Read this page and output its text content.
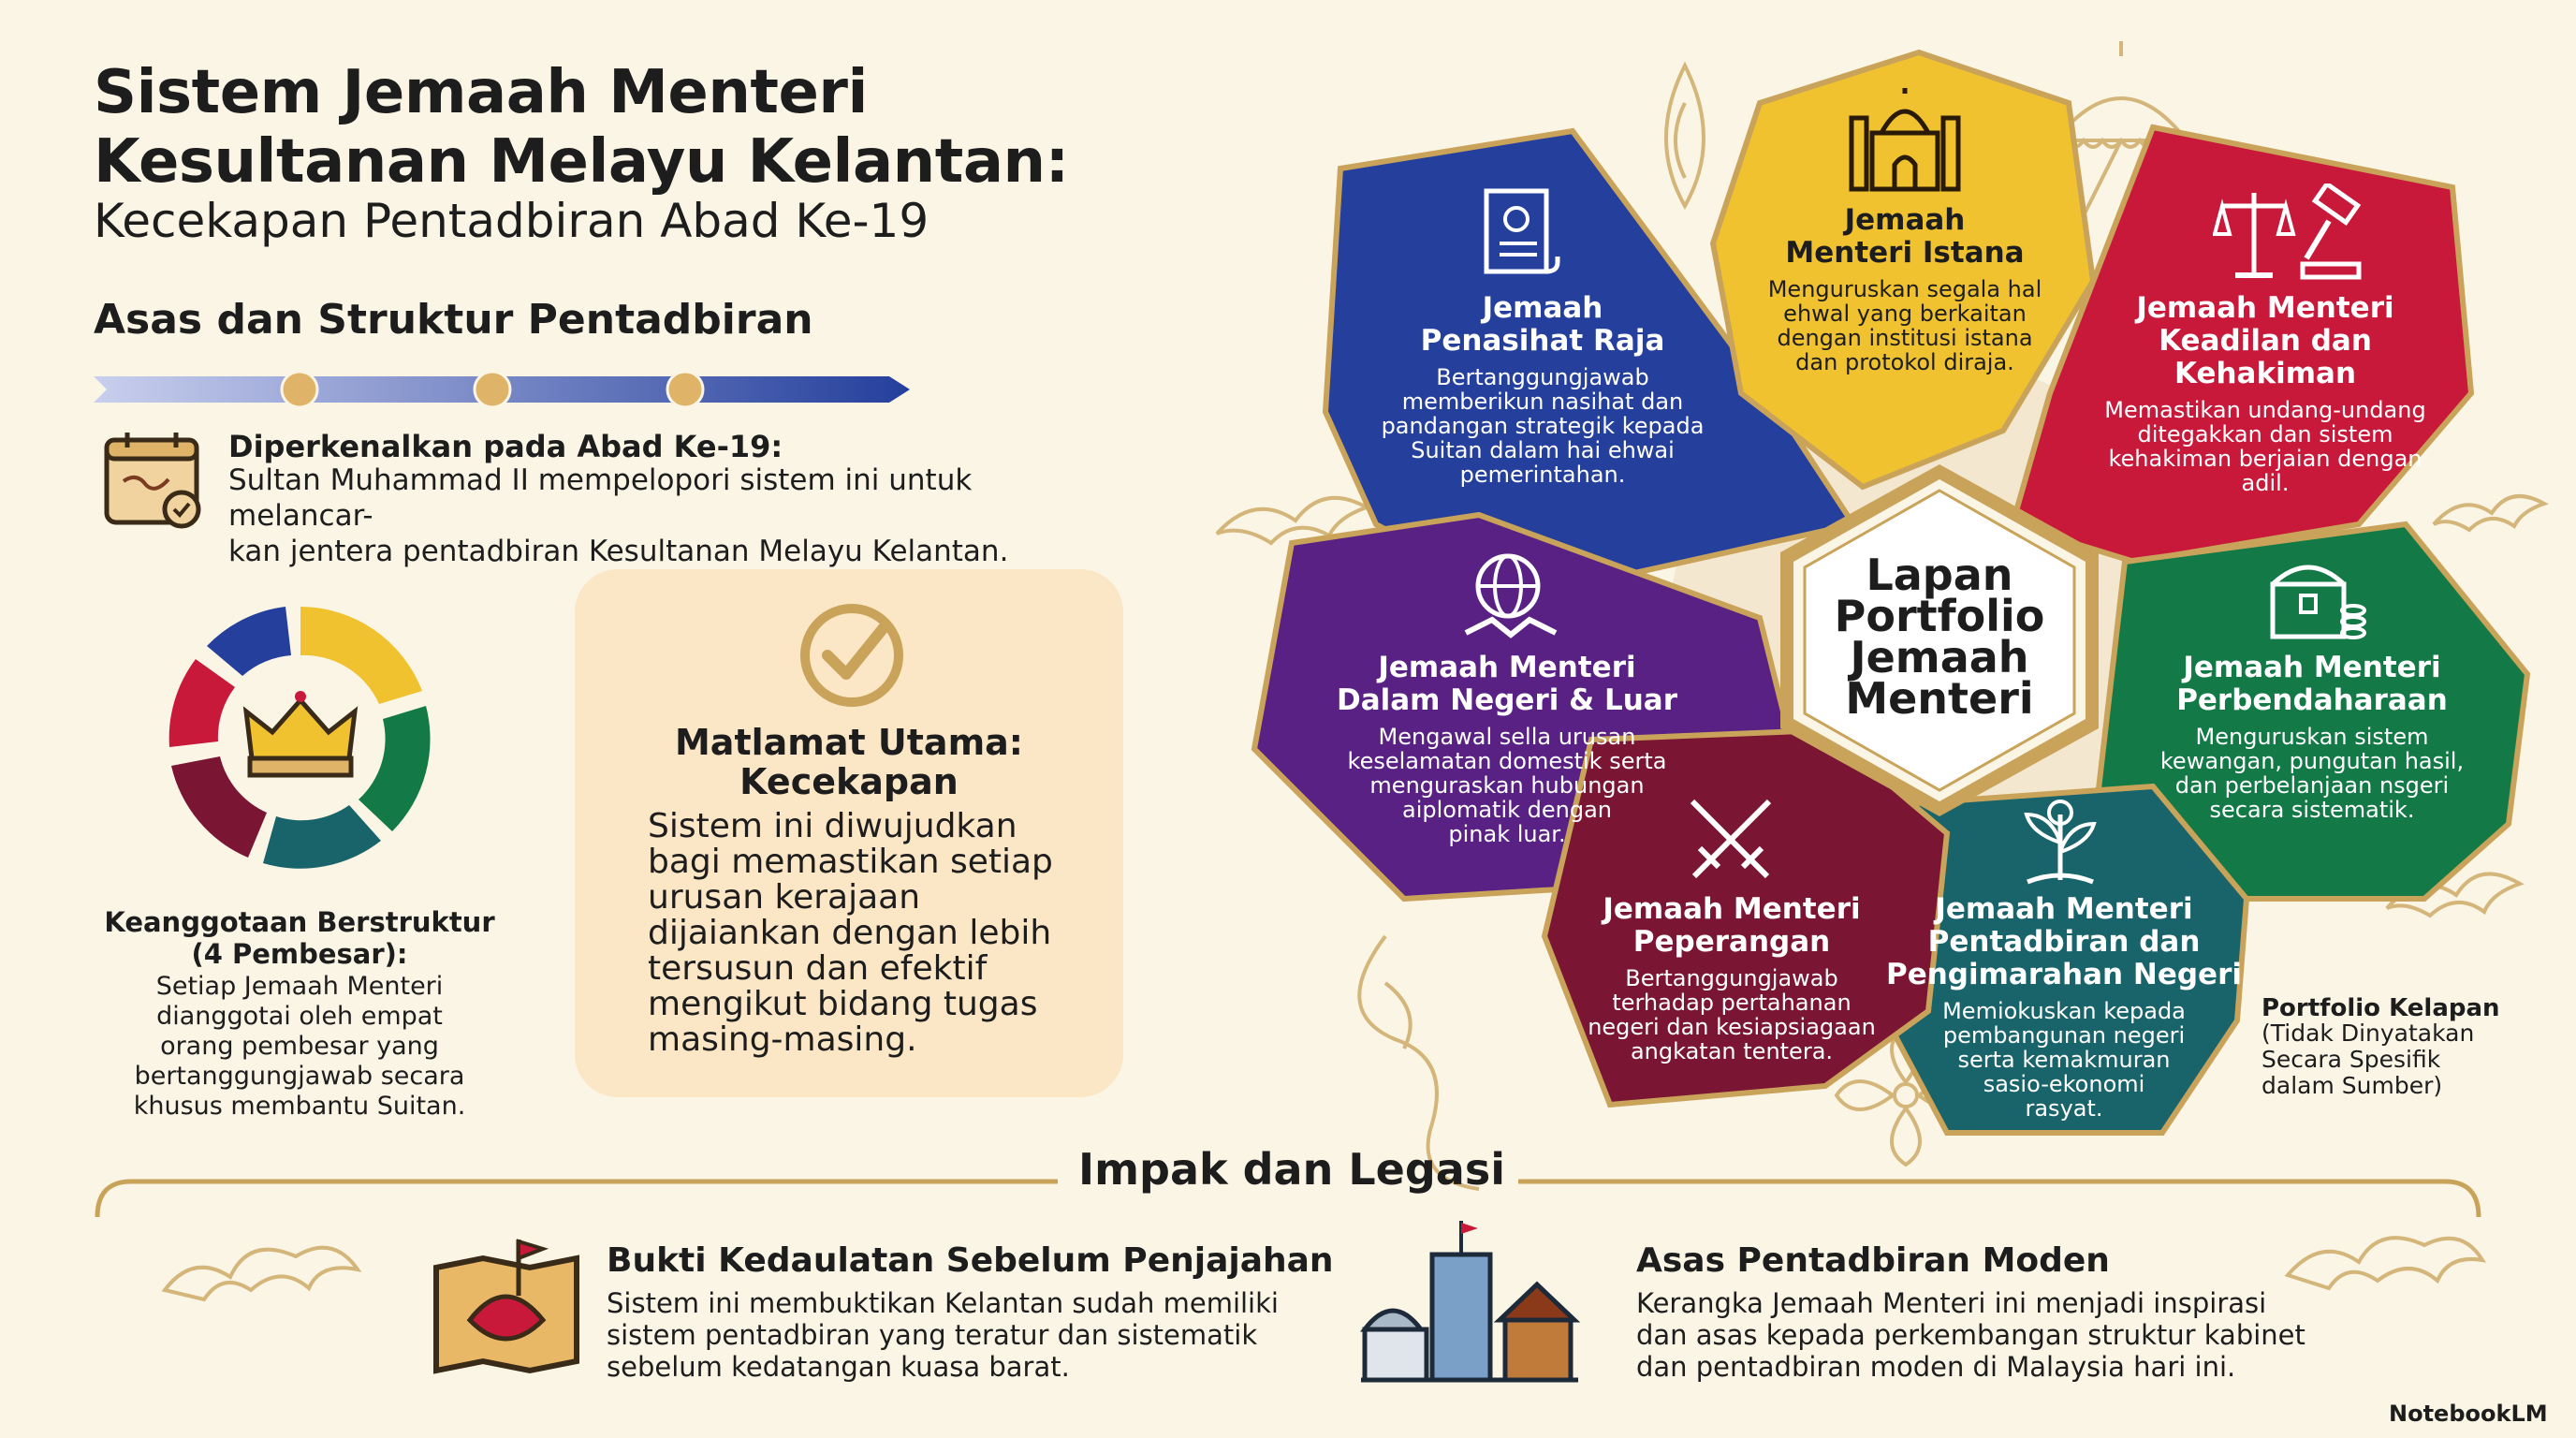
Sistem Jemaah Menteri
Kesultanan Melayu Kelantan:
Kecekapan Pentadbiran Abad Ke-19
Asas dan Struktur Pentadbiran
Diperkenalkan pada Abad Ke-19:
Sultan Muhammad II mempelopori sistem ini untuk melancar-
kan jentera pentadbiran Kesultanan Melayu Kelantan.
Keanggotaan Berstruktur
(4 Pembesar):
Setiap Jemaah Menteri
dianggotai oleh empat
orang pembesar yang
bertanggungjawab secara
khusus membantu Suitan.
Matlamat Utama:
Kecekapan
Sistem ini diwujudkan
bagi memastikan setiap
urusan kerajaan
dijaiankan dengan lebih
tersusun dan efektif
mengikut bidang tugas
masing-masing.
Jemaah
Penasihat Raja
Bertanggungjawab
memberikun nasihat dan
pandangan strategik kepada
Suitan dalam hai ehwai
pemerintahan.
Jemaah
Menteri Istana
Menguruskan segala hal
ehwal yang berkaitan
dengan institusi istana
dan protokol diraja.
Jemaah Menteri
Keadilan dan
Kehakiman
Memastikan undang-undang
ditegakkan dan sistem
kehakiman berjaian dengan
adil.
Jemaah Menteri
Perbendaharaan
Menguruskan sistem
kewangan, pungutan hasil,
dan perbelanjaan nsgeri
secara sistematik.
Jemaah Menteri
Dalam Negeri & Luar
Mengawal sella urusan
keselamatan domestik serta
menguraskan hubungan
aiplomatik dengan
pinak luar.
Jemaah Menteri
Peperangan
Bertanggungjawab
terhadap pertahanan
negeri dan kesiapsiagaan
angkatan tentera.
Jemaah Menteri
Pentadbiran dan
Pengimarahan Negeri
Memiokuskan kepada
pembangunan negeri
serta kemakmuran
sasio-ekonomi
rasyat.
Lapan
Portfolio
Jemaah
Menteri
Portfolio Kelapan
(Tidak Dinyatakan
Secara Spesifik
dalam Sumber)
Impak dan Legasi
Bukti Kedaulatan Sebelum Penjajahan
Sistem ini membuktikan Kelantan sudah memiliki
sistem pentadbiran yang teratur dan sistematik
sebelum kedatangan kuasa barat.
Asas Pentadbiran Moden
Kerangka Jemaah Menteri ini menjadi inspirasi
dan asas kepada perkembangan struktur kabinet
dan pentadbiran moden di Malaysia hari ini.
NotebookLM
